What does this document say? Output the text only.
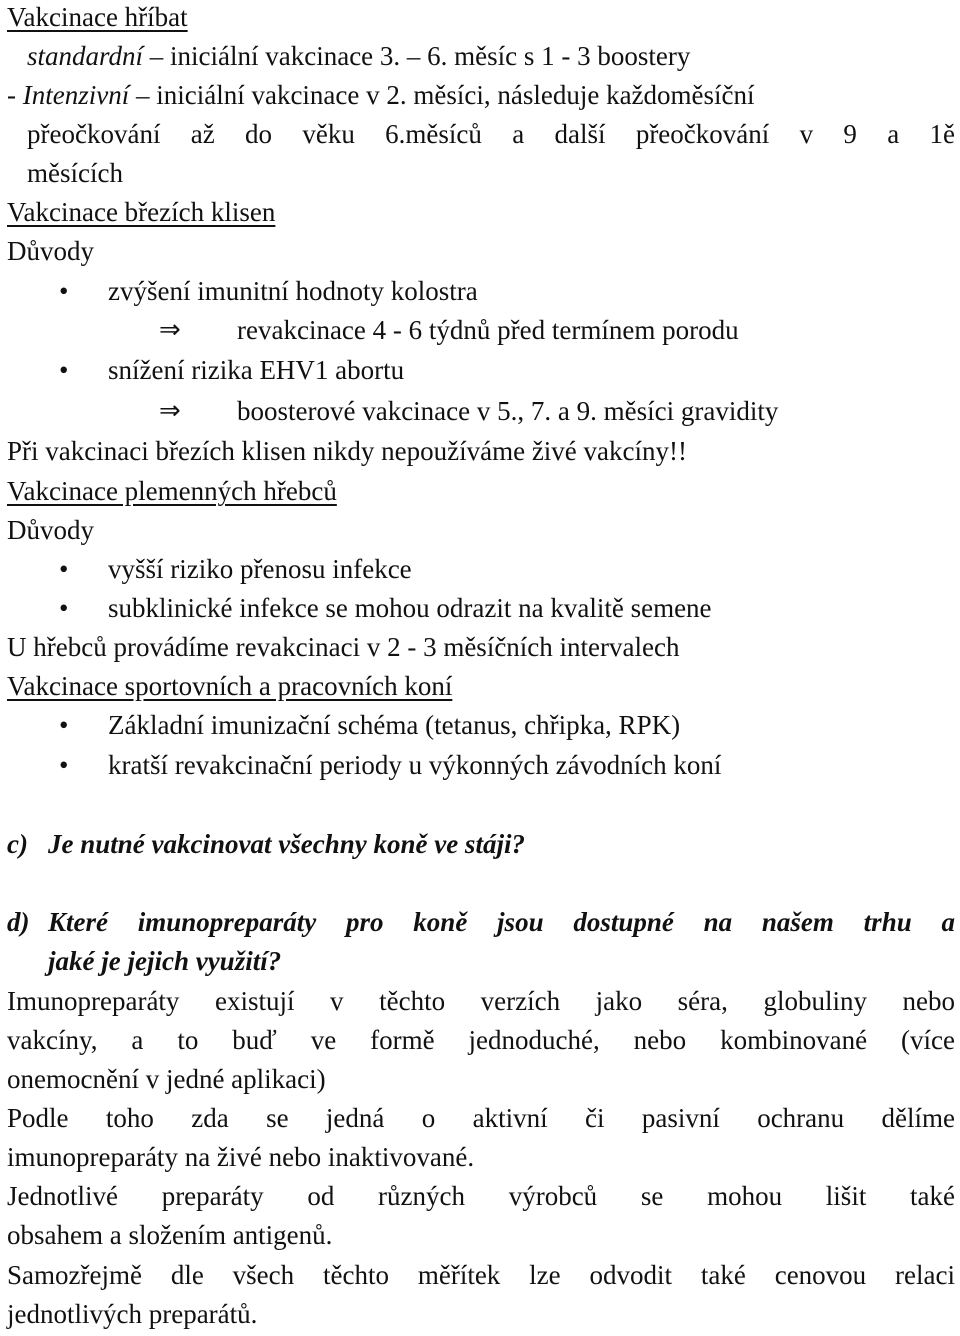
Vakcinace hříbat
standardní – iniciální vakcinace 3. – 6. měsíc s 1 - 3 boostery
- Intenzivní – iniciální vakcinace v 2. měsíci, následuje každoměsíční
přeočkování až do věku 6.měsíců a další přeočkování v 9 a 1ě
měsících
Vakcinace březích klisen
Důvody
•	zvýšení imunitní hodnoty kolostra
⇒ revakcinace 4 - 6 týdnů před termínem porodu
•	snížení rizika EHV1 abortu
⇒ boosterové vakcinace v 5., 7. a 9. měsíci gravidity
Při vakcinaci březích klisen nikdy nepoužíváme živé vakcíny!!
Vakcinace plemenných hřebců
Důvody
•	vyšší riziko přenosu infekce
•	subklinické infekce se mohou odrazit na kvalitě semene
U hřebců provádíme revakcinaci v 2 - 3 měsíčních intervalech
Vakcinace sportovních a pracovních koní
•	Základní imunizační schéma (tetanus, chřipka, RPK)
•	kratší revakcinační periody u výkonných závodních koní
c) Je nutné vakcinovat všechny koně ve stáji?
d) Které imunopreparáty pro koně jsou dostupné na našem trhu a
jaké je jejich využití?
Imunopreparáty existují v těchto verzích jako séra, globuliny nebo
vakcíny, a to buď ve formě jednoduché, nebo kombinované (více
onemocnění v jedné aplikaci)
Podle toho zda se jedná o aktivní či pasivní ochranu dělíme
imunopreparáty na živé nebo inaktivované.
Jednotlivé preparáty od různých výrobců se mohou lišit také
obsahem a složením antigenů.
Samozřejmě dle všech těchto měřítek lze odvodit také cenovou relaci
jednotlivých preparátů.
